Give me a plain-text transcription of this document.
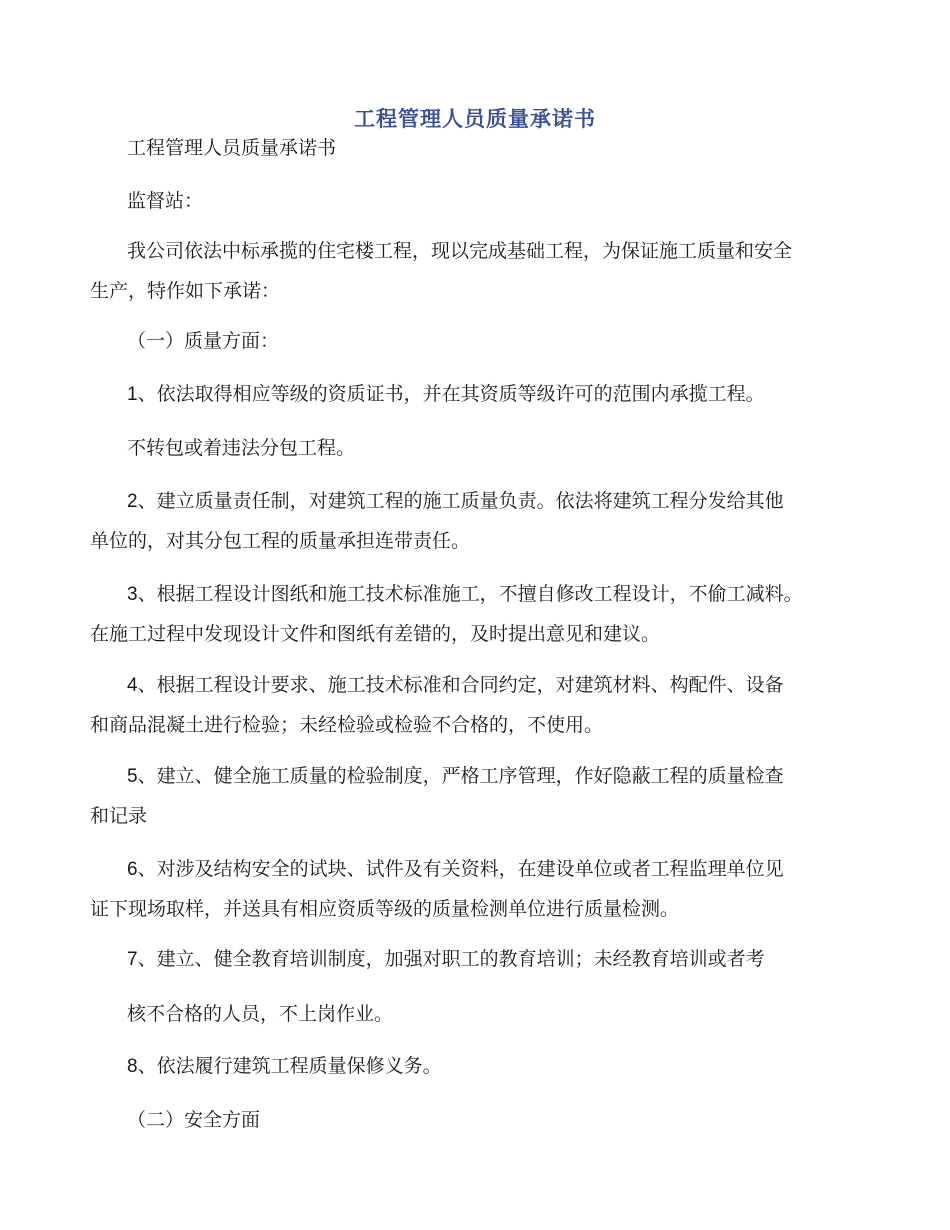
工程管理人员质量承诺书
工程管理人员质量承诺书
监督站：
我公司依法中标承揽的住宅楼工程，现以完成基础工程，为保证施工质量和安全
生产，特作如下承诺：
（一）质量方面：
1、依法取得相应等级的资质证书，并在其资质等级许可的范围内承揽工程。
不转包或着违法分包工程。
2、建立质量责任制，对建筑工程的施工质量负责。依法将建筑工程分发给其他
单位的，对其分包工程的质量承担连带责任。
3、根据工程设计图纸和施工技术标准施工，不擅自修改工程设计，不偷工减料。
在施工过程中发现设计文件和图纸有差错的，及时提出意见和建议。
4、根据工程设计要求、施工技术标准和合同约定，对建筑材料、构配件、设备
和商品混凝土进行检验；未经检验或检验不合格的，不使用。
5、建立、健全施工质量的检验制度，严格工序管理，作好隐蔽工程的质量检查
和记录
6、对涉及结构安全的试块、试件及有关资料，在建设单位或者工程监理单位见
证下现场取样，并送具有相应资质等级的质量检测单位进行质量检测。
7、建立、健全教育培训制度，加强对职工的教育培训；未经教育培训或者考
核不合格的人员，不上岗作业。
8、依法履行建筑工程质量保修义务。
（二）安全方面
